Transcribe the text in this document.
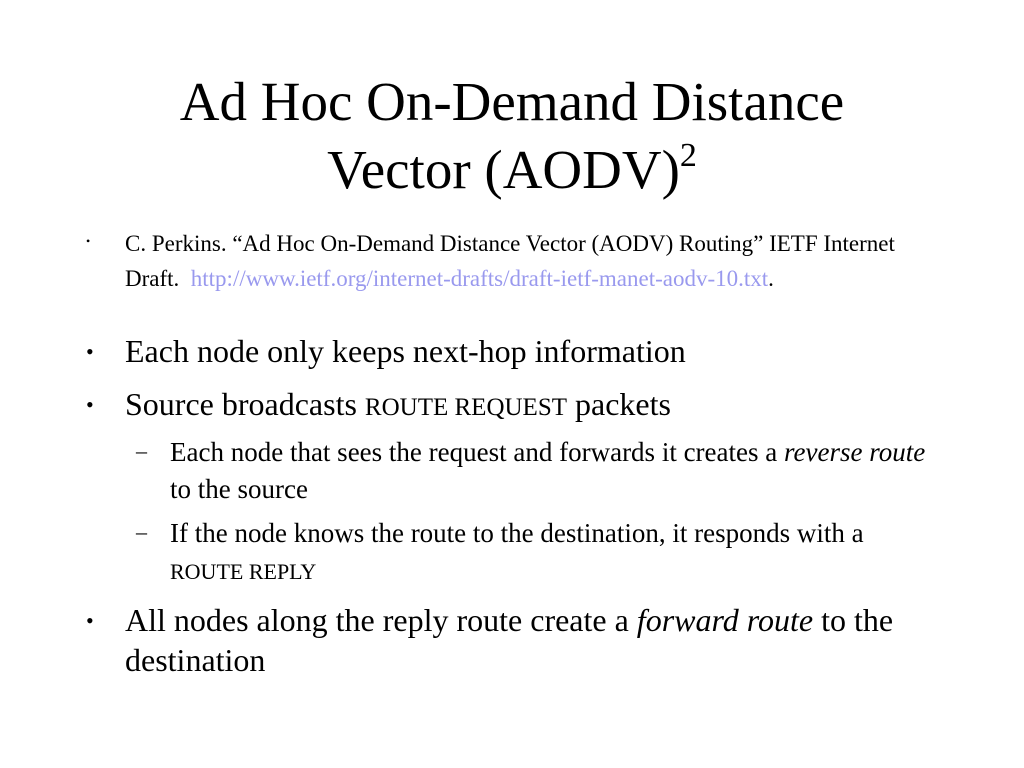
Ad Hoc On-Demand Distance
Vector (AODV)$^2$
• C. Perkins. “Ad Hoc On-Demand Distance Vector (AODV) Routing” IETF Internet Draft. http://www.ietf.org/internet-drafts/draft-ietf-manet-aodv-10.txt.
• Each node only keeps next-hop information
• Source broadcasts ROUTE REQUEST packets
– Each node that sees the request and forwards it creates a reverse route to the source
– If the node knows the route to the destination, it responds with a  ROUTE REPLY
• All nodes along the reply route create a forward route to the destination
